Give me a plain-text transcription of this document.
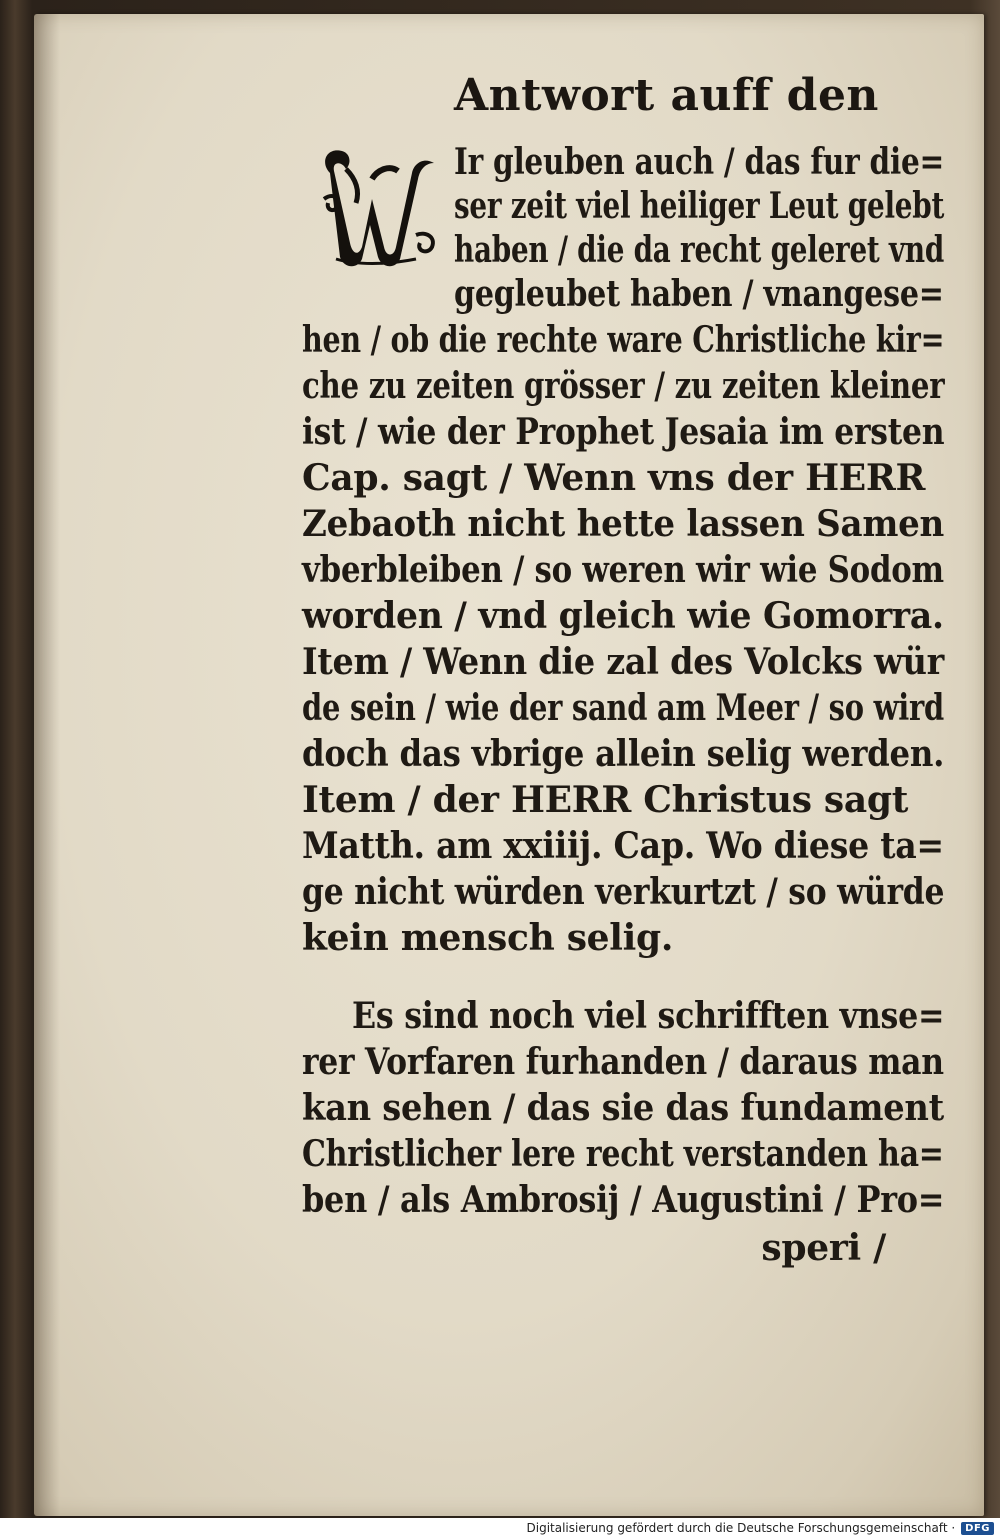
Antwort auff den

Ir gleuben auch / das fur die=

ser zeit viel heiliger Leut gelebt

haben / die da recht geleret vnd

gegleubet haben / vnangese=

hen / ob die rechte ware Christliche kir=

che zu zeiten grösser / zu zeiten kleiner

ist / wie der Prophet Jesaia im ersten

Cap. sagt / Wenn vns der HERR

Zebaoth nicht hette lassen Samen

vberbleiben / so weren wir wie Sodom

worden / vnd gleich wie Gomorra.

Item / Wenn die zal des Volcks wür

de sein / wie der sand am Meer / so wird

doch das vbrige allein selig werden.

Item / der HERR Christus sagt

Matth. am xxiiij. Cap. Wo diese ta=

ge nicht würden verkurtzt / so würde

kein mensch selig.

Es sind noch viel schrifften vnse=

rer Vorfaren furhanden / daraus man

kan sehen / das sie das fundament

Christlicher lere recht verstanden ha=

ben / als Ambrosij / Augustini / Pro=

speri /

Digitalisierung gefördert durch die Deutsche Forschungsgemeinschaft ·	DFG
